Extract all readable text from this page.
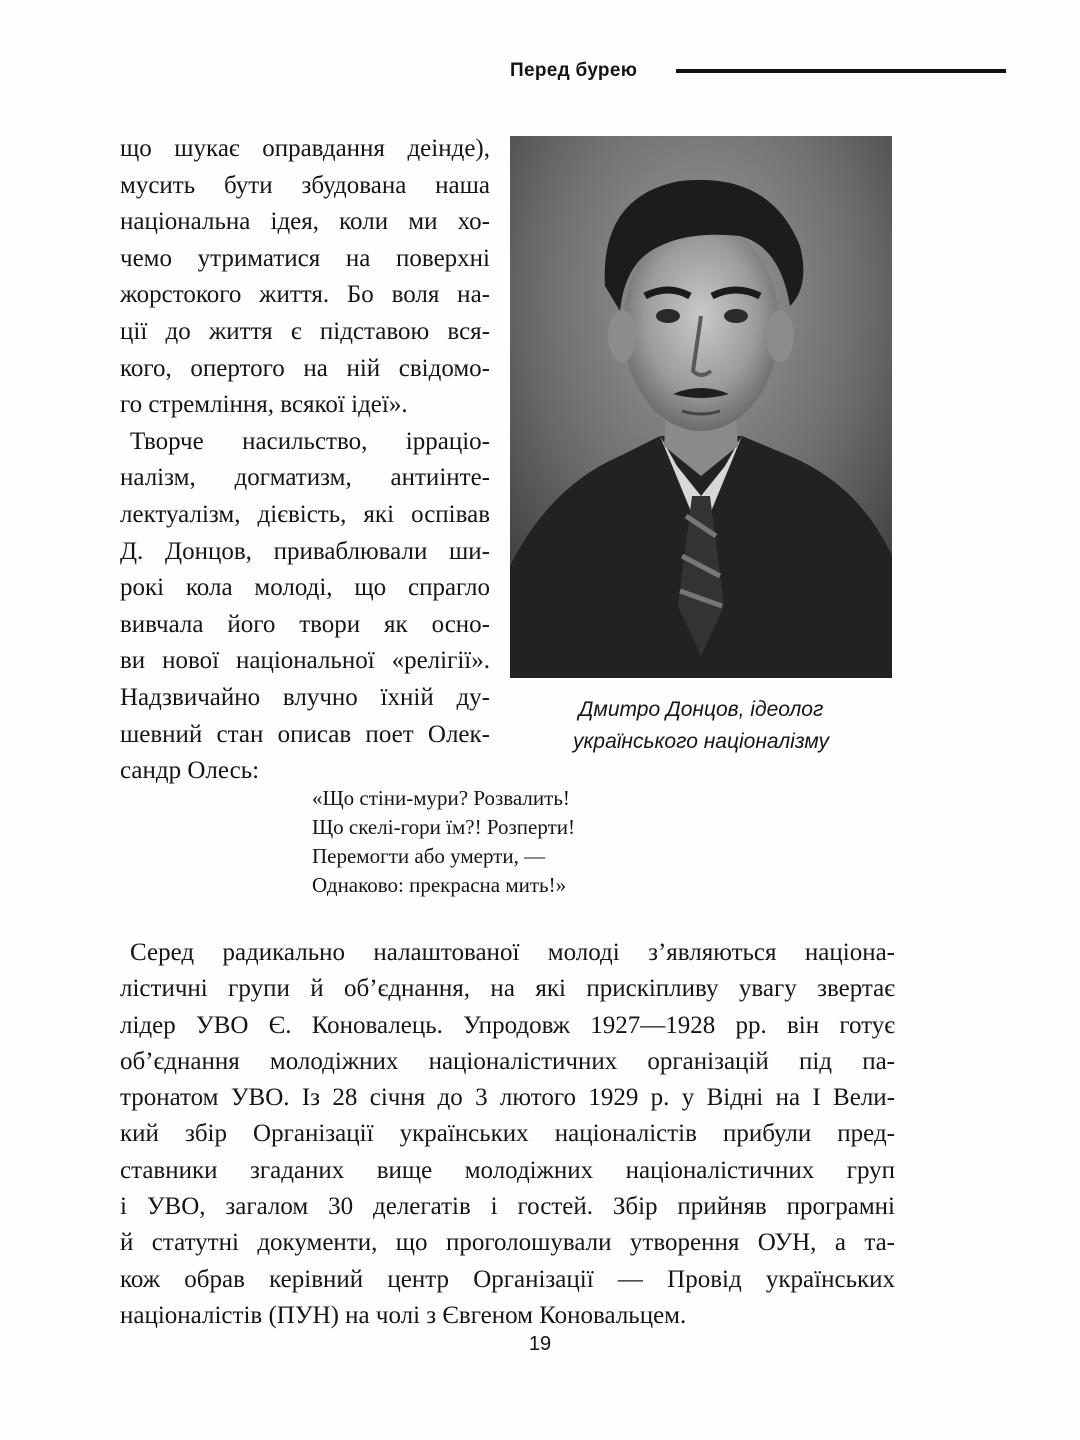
Перед бурею

що шукає оправдання деінде),
мусить бути збудована наша
національна ідея, коли ми хо-
чемо утриматися на поверхні
жорстокого життя. Бо воля на-
ції до життя є підставою вся-
кого, опертого на ній свідомо-
го стремління, всякої ідеї».

Творче насильство, ірраціо-
налізм, догматизм, антиінте-
лектуалізм, дієвість, які оспівав
Д. Донцов, приваблювали ши-
рокі кола молоді, що спрагло
вивчала його твори як осно-
ви нової національної «релігії».
Надзвичайно влучно їхній ду-
шевний стан описав поет Олек-
сандр Олесь:

Дмитро Донцов, ідеолог
українського націоналізму
«Що стіни-мури? Розвалить!
Що скелі-гори їм?! Розперти!
Перемогти або умерти, —
Однаково: прекрасна мить!»
Серед радикально налаштованої молоді з’являються націона-
лістичні групи й об’єднання, на які прискіпливу увагу звертає
лідер УВО Є. Коновалець. Упродовж 1927—1928 рр. він готує
об’єднання молодіжних націоналістичних організацій під па-
тронатом УВО. Із 28 січня до 3 лютого 1929 р. у Відні на І Вели-
кий збір Організації українських націоналістів прибули пред-
ставники згаданих вище молодіжних націоналістичних груп
і УВО, загалом 30 делегатів і гостей. Збір прийняв програмні
й статутні документи, що проголошували утворення ОУН, а та-
кож обрав керівний центр Організації — Провід українських
націоналістів (ПУН) на чолі з Євгеном Коновальцем.
19
